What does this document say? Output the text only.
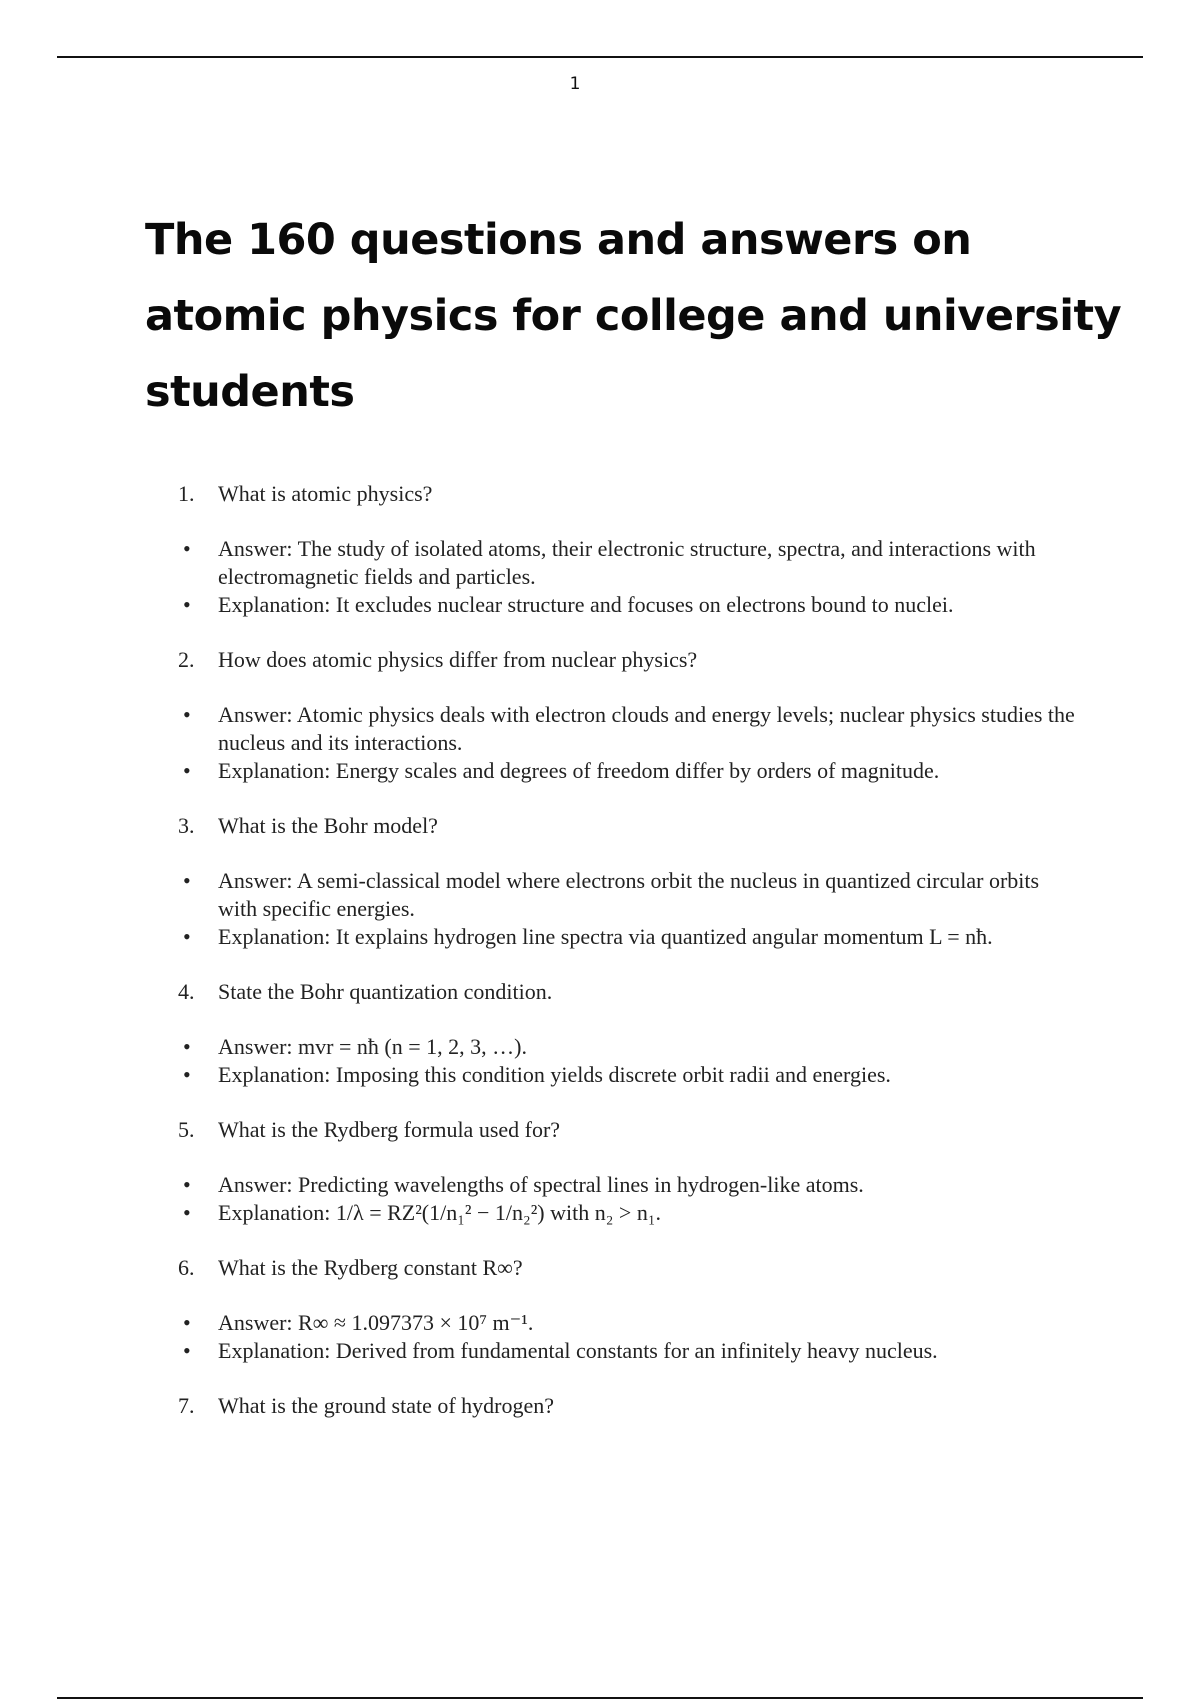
1
The 160 questions and answers on atomic physics for college and university students
1. What is atomic physics?
• Answer: The study of isolated atoms, their electronic structure, spectra, and interactions with electromagnetic fields and particles.
• Explanation: It excludes nuclear structure and focuses on electrons bound to nuclei.
2. How does atomic physics differ from nuclear physics?
• Answer: Atomic physics deals with electron clouds and energy levels; nuclear physics studies the nucleus and its interactions.
• Explanation: Energy scales and degrees of freedom differ by orders of magnitude.
3. What is the Bohr model?
• Answer: A semi-classical model where electrons orbit the nucleus in quantized circular orbits with specific energies.
• Explanation: It explains hydrogen line spectra via quantized angular momentum L = nħ.
4. State the Bohr quantization condition.
• Answer: mvr = nħ (n = 1, 2, 3, …).
• Explanation: Imposing this condition yields discrete orbit radii and energies.
5. What is the Rydberg formula used for?
• Answer: Predicting wavelengths of spectral lines in hydrogen-like atoms.
• Explanation: 1/λ = RZ²(1/n₁² − 1/n₂²) with n₂ > n₁.
6. What is the Rydberg constant R∞?
• Answer: R∞ ≈ 1.097373 × 10⁷ m⁻¹.
• Explanation: Derived from fundamental constants for an infinitely heavy nucleus.
7. What is the ground state of hydrogen?
